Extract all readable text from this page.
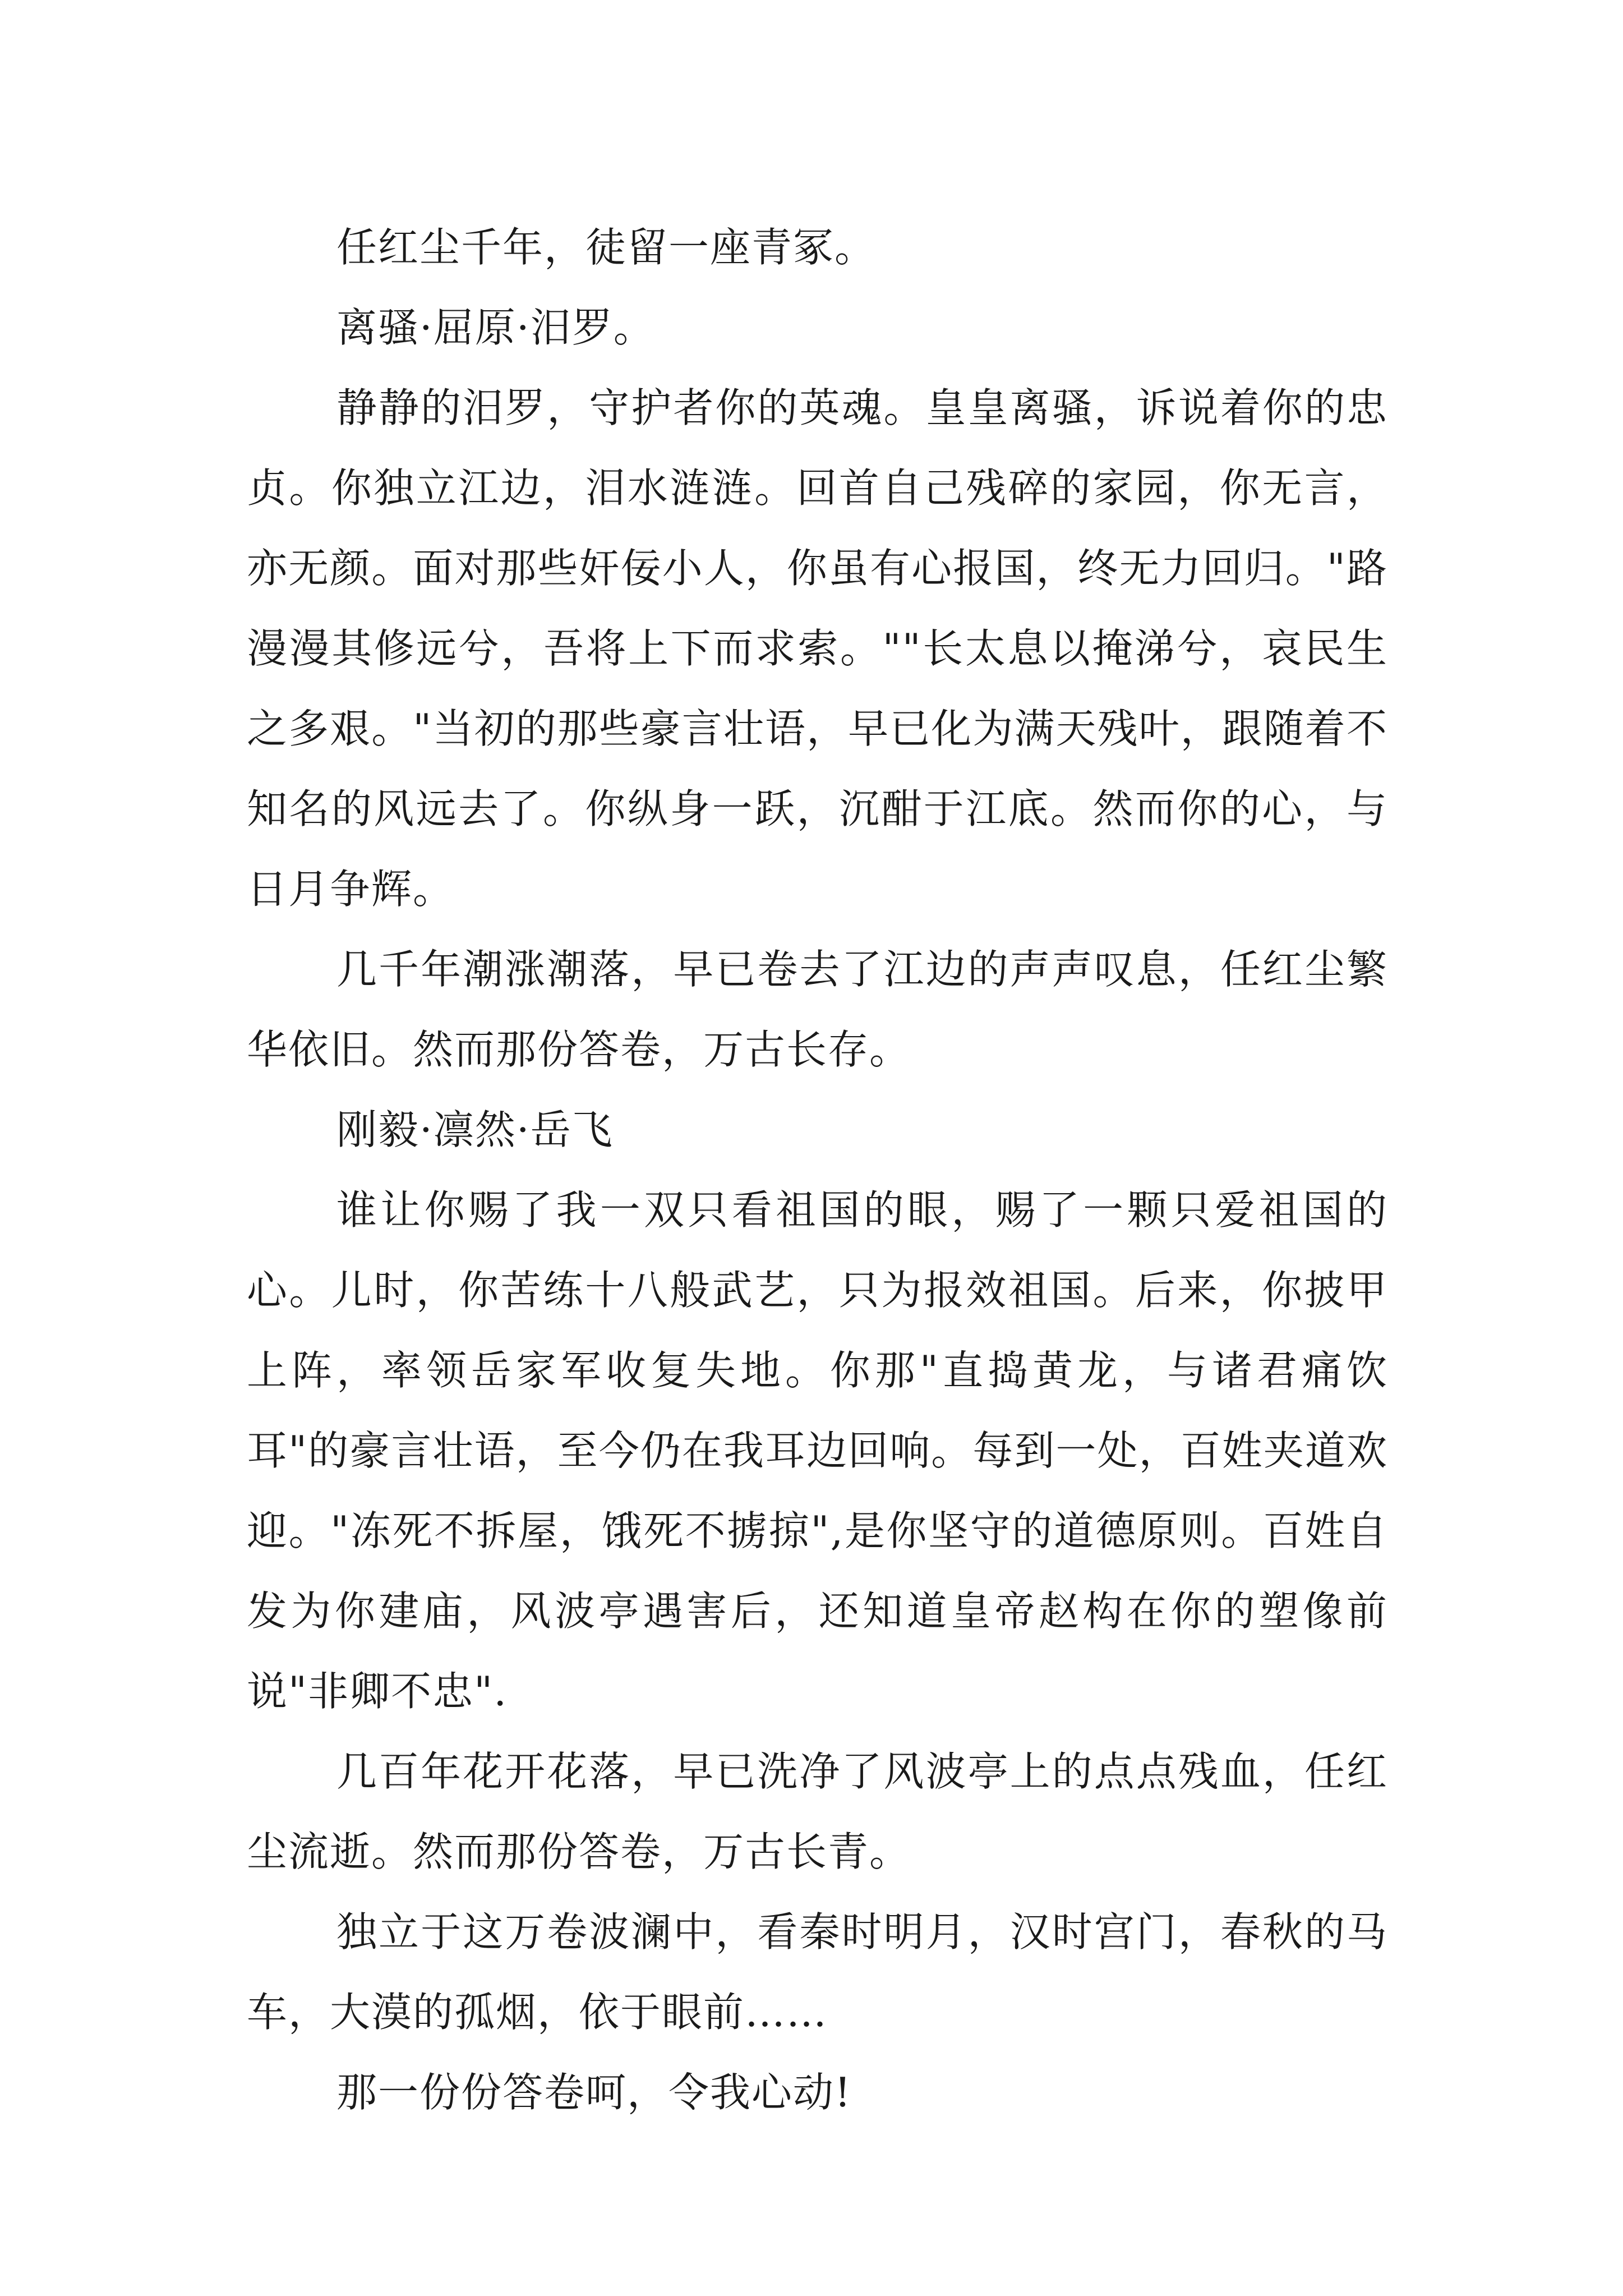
任红尘千年，徒留一座青冢。

离骚·屈原·汨罗。

静静的汨罗，守护者你的英魂。皇皇离骚，诉说着你的忠贞。你独立江边，泪水涟涟。回首自己残碎的家园，你无言，亦无颜。面对那些奸佞小人，你虽有心报国，终无力回归。"路漫漫其修远兮，吾将上下而求索。""长太息以掩涕兮，哀民生之多艰。"当初的那些豪言壮语，早已化为满天残叶，跟随着不知名的风远去了。你纵身一跃，沉酣于江底。然而你的心，与日月争辉。

几千年潮涨潮落，早已卷去了江边的声声叹息，任红尘繁华依旧。然而那份答卷，万古长存。

刚毅·凛然·岳飞

谁让你赐了我一双只看祖国的眼，赐了一颗只爱祖国的心。儿时，你苦练十八般武艺，只为报效祖国。后来，你披甲上阵，率领岳家军收复失地。你那"直捣黄龙，与诸君痛饮耳"的豪言壮语，至今仍在我耳边回响。每到一处，百姓夹道欢迎。"冻死不拆屋，饿死不掳掠",是你坚守的道德原则。百姓自发为你建庙，风波亭遇害后，还知道皇帝赵构在你的塑像前说"非卿不忠".

几百年花开花落，早已洗净了风波亭上的点点残血，任红尘流逝。然而那份答卷，万古长青。

独立于这万卷波澜中，看秦时明月，汉时宫门，春秋的马车，大漠的孤烟，依于眼前……

那一份份答卷呵，令我心动!
